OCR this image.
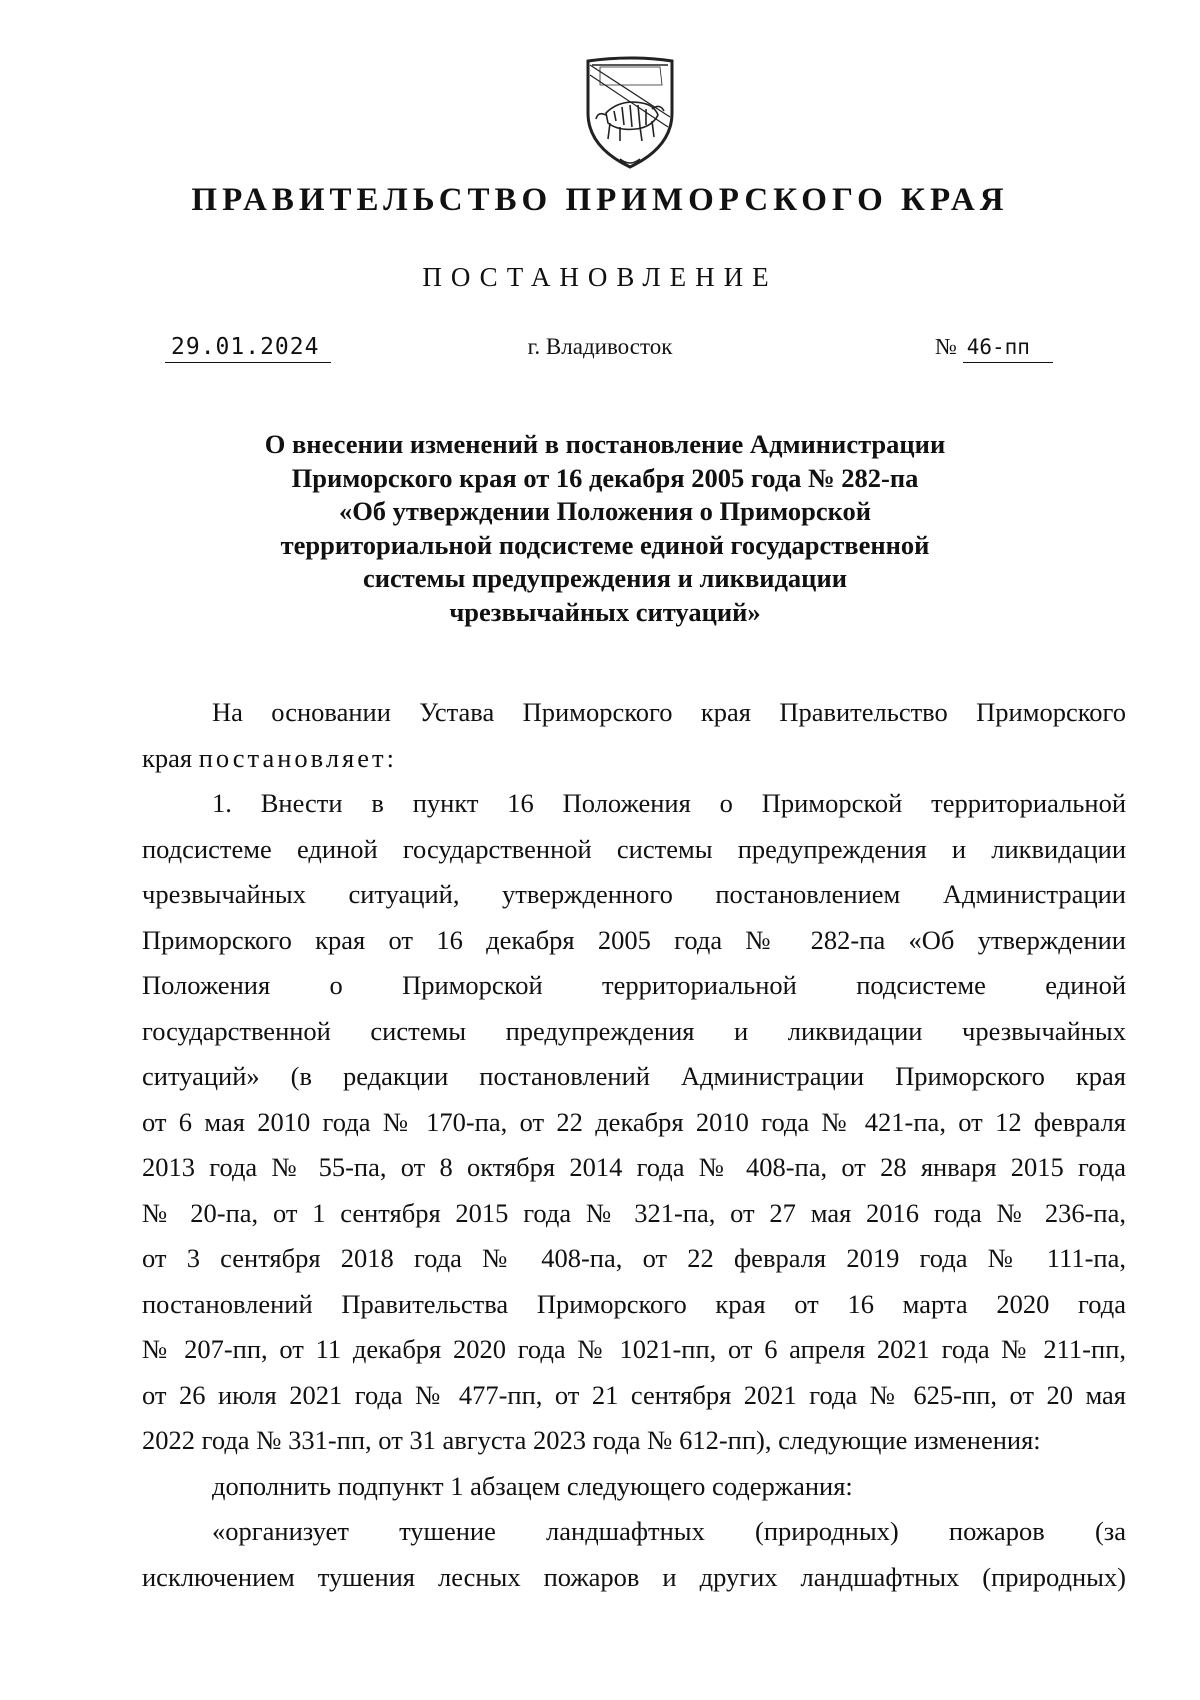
ПРАВИТЕЛЬСТВО ПРИМОРСКОГО КРАЯ
ПОСТАНОВЛЕНИЕ
29.01.2024	г. Владивосток	№ 46-пп
О внесении изменений в постановление Администрации
Приморского края от 16 декабря 2005 года № 282-па
«Об утверждении Положения о Приморской
территориальной подсистеме единой государственной
системы предупреждения и ликвидации
чрезвычайных ситуаций»
На основании Устава Приморского края Правительство Приморского
края постановляет:
1. Внести в пункт 16 Положения о Приморской территориальной
подсистеме единой государственной системы предупреждения и ликвидации
чрезвычайных ситуаций, утвержденного постановлением Администрации
Приморского края от 16 декабря 2005 года № 282-па «Об утверждении
Положения о Приморской территориальной подсистеме единой
государственной системы предупреждения и ликвидации чрезвычайных
ситуаций» (в редакции постановлений Администрации Приморского края
от 6 мая 2010 года № 170-па, от 22 декабря 2010 года № 421-па, от 12 февраля
2013 года № 55-па, от 8 октября 2014 года № 408-па, от 28 января 2015 года
№ 20-па, от 1 сентября 2015 года № 321-па, от 27 мая 2016 года № 236-па,
от 3 сентября 2018 года № 408-па, от 22 февраля 2019 года № 111-па,
постановлений Правительства Приморского края от 16 марта 2020 года
№ 207-пп, от 11 декабря 2020 года № 1021-пп, от 6 апреля 2021 года № 211-пп,
от 26 июля 2021 года № 477-пп, от 21 сентября 2021 года № 625-пп, от 20 мая
2022 года № 331-пп, от 31 августа 2023 года № 612-пп), следующие изменения:
дополнить подпункт 1 абзацем следующего содержания:
«организует тушение ландшафтных (природных) пожаров (за
исключением тушения лесных пожаров и других ландшафтных (природных)
